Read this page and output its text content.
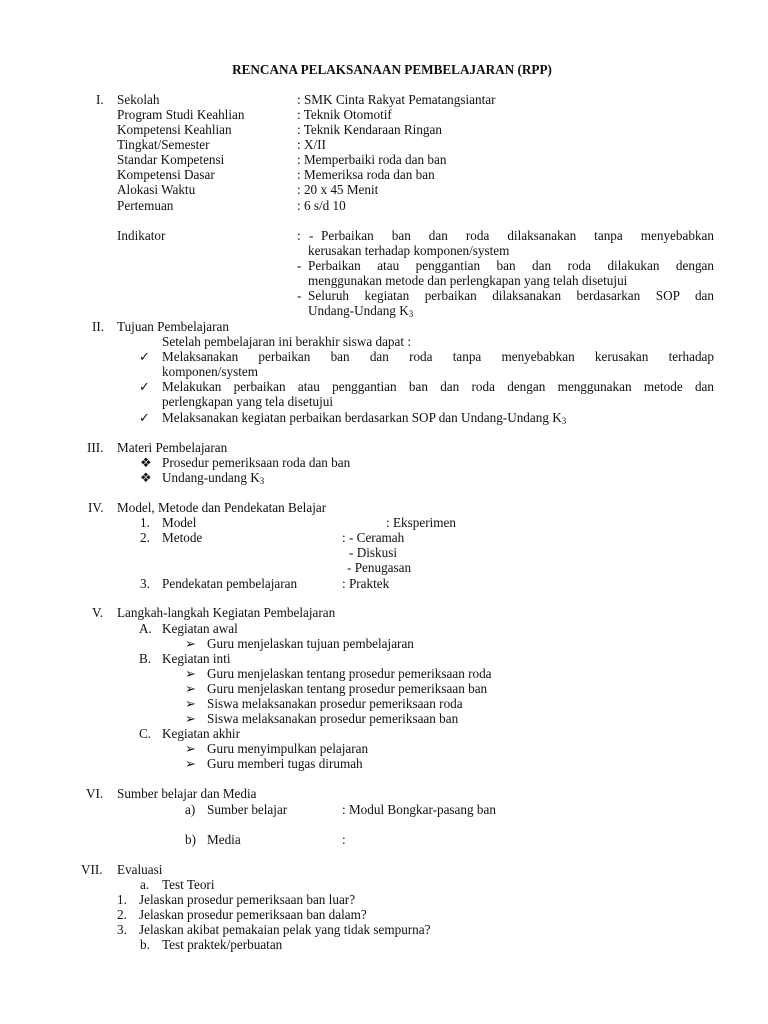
RENCANA PELAKSANAAN PEMBELAJARAN (RPP)
I. Sekolah	: SMK Cinta Rakyat Pematangsiantar
Program Studi Keahlian	: Teknik Otomotif
Kompetensi Keahlian	: Teknik Kendaraan Ringan
Tingkat/Semester	: X/II
Standar Kompetensi	: Memperbaiki roda dan ban
Kompetensi Dasar	: Memeriksa roda dan ban
Alokasi Waktu	: 20 x 45 Menit
Pertemuan	: 6 s/d 10
Indikator	: - Perbaikan ban dan roda dilaksanakan tanpa menyebabkan
kerusakan terhadap komponen/system
- Perbaikan atau penggantian ban dan roda dilakukan dengan
menggunakan metode dan perlengkapan yang telah disetujui
- Seluruh kegiatan perbaikan dilaksanakan berdasarkan SOP dan
Undang-Undang $K_3$
II. Tujuan Pembelajaran
Setelah pembelajaran ini berakhir siswa dapat :
✓ Melaksanakan perbaikan ban dan roda tanpa menyebabkan kerusakan terhadap
komponen/system
✓ Melakukan perbaikan atau penggantian ban dan roda dengan menggunakan metode dan
perlengkapan yang tela disetujui
✓ Melaksanakan kegiatan perbaikan berdasarkan SOP dan Undang-Undang $K_3$
III. Materi Pembelajaran
❖ Prosedur pemeriksaan roda dan ban
❖ Undang-undang $K_3$
IV. Model, Metode dan Pendekatan Belajar
1. Model	: Eksperimen
2. Metode	: - Ceramah
- Diskusi
- Penugasan
3. Pendekatan pembelajaran	: Praktek
V. Langkah-langkah Kegiatan Pembelajaran
A. Kegiatan awal
➢ Guru menjelaskan tujuan pembelajaran
B. Kegiatan inti
➢ Guru menjelaskan tentang prosedur pemeriksaan roda
➢ Guru menjelaskan tentang prosedur pemeriksaan ban
➢ Siswa melaksanakan prosedur pemeriksaan roda
➢ Siswa melaksanakan prosedur pemeriksaan ban
C. Kegiatan akhir
➢ Guru menyimpulkan pelajaran
➢ Guru memberi tugas dirumah
VI. Sumber belajar dan Media
a) Sumber belajar	: Modul Bongkar-pasang ban
b) Media	:
VII. Evaluasi
a. Test Teori
1. Jelaskan prosedur pemeriksaan ban luar?
2. Jelaskan prosedur pemeriksaan ban dalam?
3. Jelaskan akibat pemakaian pelak yang tidak sempurna?
b. Test praktek/perbuatan
